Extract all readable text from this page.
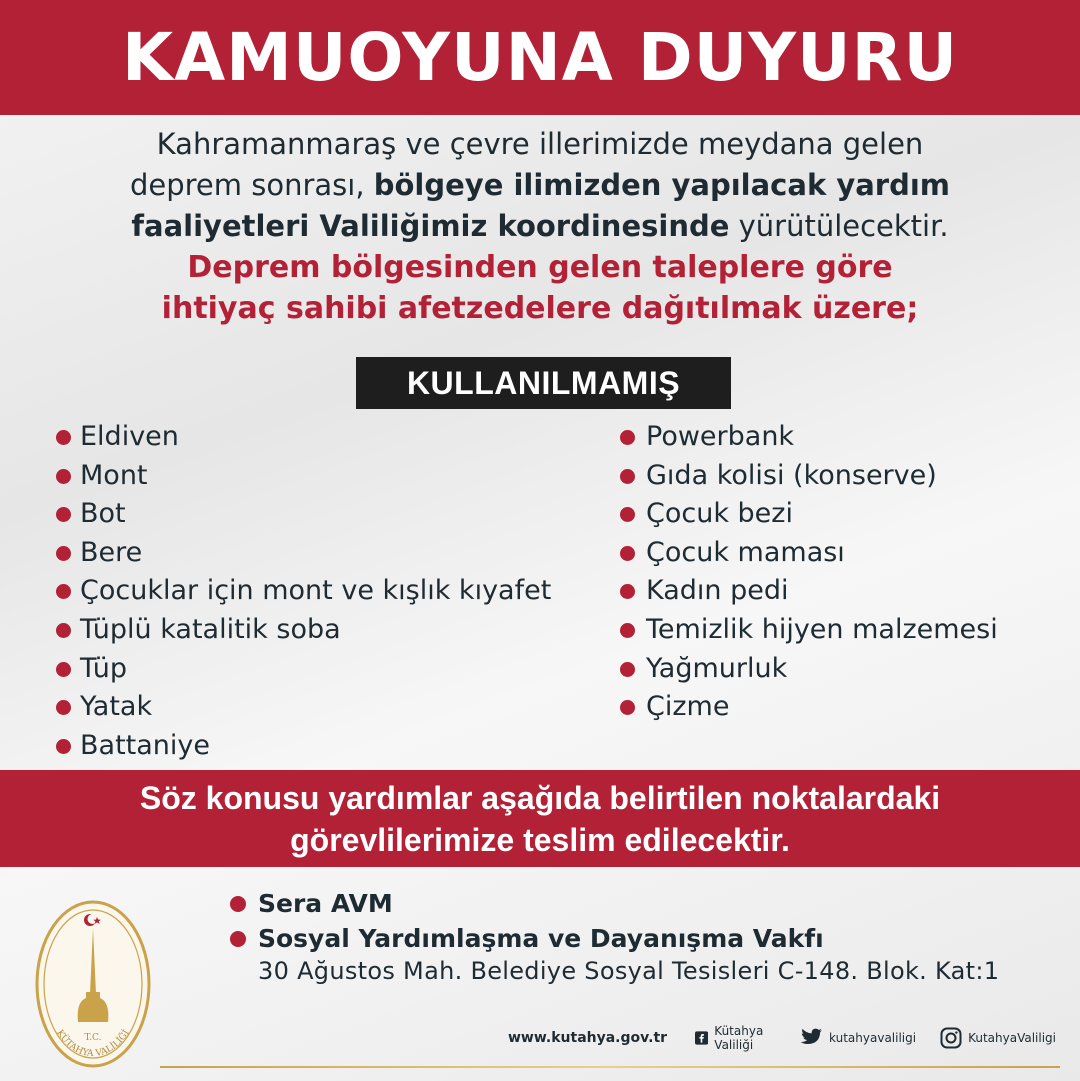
KAMUOYUNA DUYURU
Kahramanmaraş ve çevre illerimizde meydana gelen
deprem sonrası, bölgeye ilimizden yapılacak yardım
faaliyetleri Valiliğimiz koordinesinde yürütülecektir.
Deprem bölgesinden gelen taleplere göre
ihtiyaç sahibi afetzedelere dağıtılmak üzere;
KULLANILMAMIŞ
Eldiven
Mont
Bot
Bere
Çocuklar için mont ve kışlık kıyafet
Tüplü katalitik soba
Tüp
Yatak
Battaniye
Powerbank
Gıda kolisi (konserve)
Çocuk bezi
Çocuk maması
Kadın pedi
Temizlik hijyen malzemesi
Yağmurluk
Çizme
Söz konusu yardımlar aşağıda belirtilen noktalardaki
görevlilerimize teslim edilecektir.
T.C.
KÜTAHYA VALİLİĞİ
Sera AVM
Sosyal Yardımlaşma ve Dayanışma Vakfı
30 Ağustos Mah. Belediye Sosyal Tesisleri C-148. Blok. Kat:1
www.kutahya.gov.tr	Kütahya Valiliği	kutahyavaliligi	KutahyaValiligi
